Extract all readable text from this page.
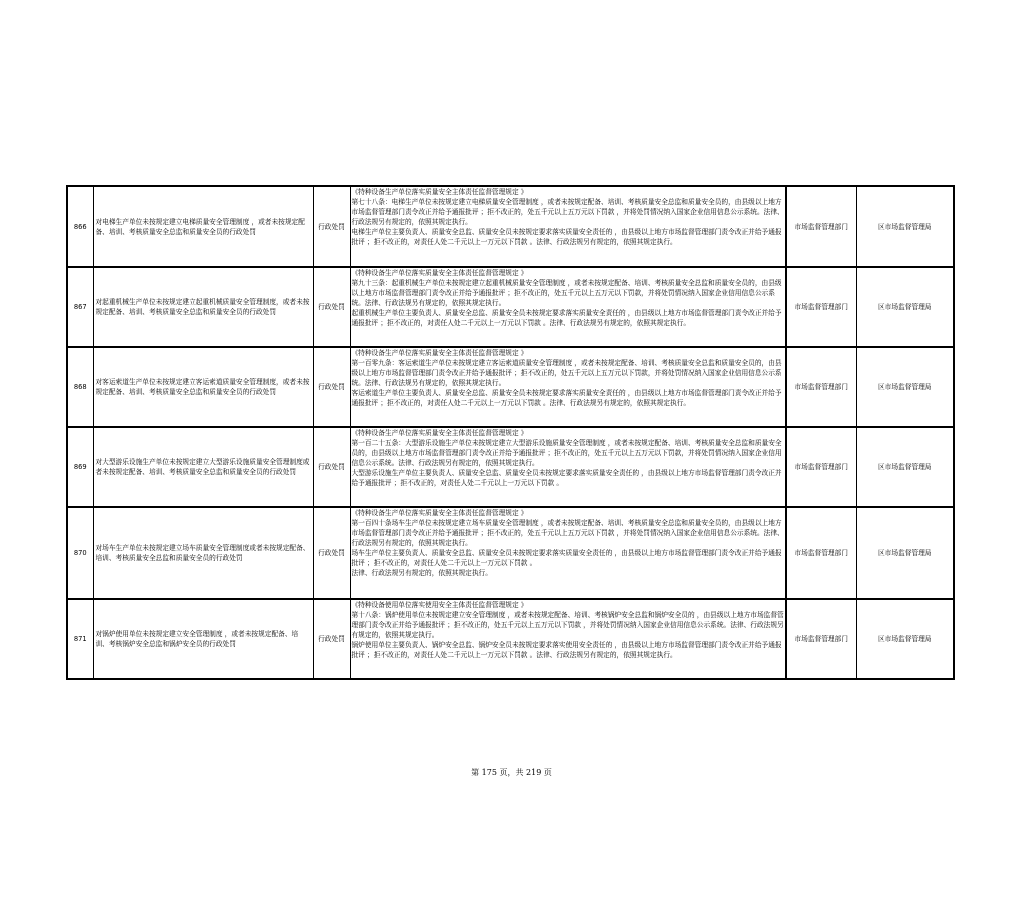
866	对电梯生产单位未按规定建立电梯质量安全管理制度 ，或者未按规定配备、培训、考核质量安全总监和质量安全员的行政处罚	行政处罚	《特种设备生产单位落实质量安全主体责任监督管理规定 》
第七十八条：电梯生产单位未按规定建立电梯质量安全管理制度 ，或者未按规定配备、培训、考核质量安全总监和质量安全员的，由县级以上地方市场监督管理部门责令改正并给予通报批评 ；拒不改正的，处五千元以上五万元以下罚款 ，并将处罚情况纳入国家企业信用信息公示系统。法律、行政法规另有规定的，依照其规定执行。
电梯生产单位主要负责人、质量安全总监、质量安全员未按规定要求落实质量安全责任的 ，由县级以上地方市场监督管理部门责令改正并给予通报批评 ；拒不改正的，对责任人处二千元以上一万元以下罚款 。法律、行政法规另有规定的，依照其规定执行。	市场监督管理部门	区市场监督管理局
867	对起重机械生产单位未按规定建立起重机械质量安全管理制度，或者未按规定配备、培训、考核质量安全总监和质量安全员的行政处罚	行政处罚	《特种设备生产单位落实质量安全主体责任监督管理规定 》
第九十三条：起重机械生产单位未按规定建立起重机械质量安全管理制度 ，或者未按规定配备、培训、考核质量安全总监和质量安全员的，由县级以上地方市场监督管理部门责令改正并给予通报批评 ；拒不改正的，处五千元以上五万元以下罚款，并将处罚情况纳入国家企业信用信息公示系统。法律、行政法规另有规定的，依照其规定执行。
起重机械生产单位主要负责人、质量安全总监、质量安全员未按规定要求落实质量安全责任的 ，由县级以上地方市场监督管理部门责令改正并给予通报批评 ；拒不改正的，对责任人处二千元以上一万元以下罚款 。法律、行政法规另有规定的，依照其规定执行。	市场监督管理部门	区市场监督管理局
868	对客运索道生产单位未按规定建立客运索道质量安全管理制度，或者未按规定配备、培训、考核质量安全总监和质量安全员的行政处罚	行政处罚	《特种设备生产单位落实质量安全主体责任监督管理规定 》
第一百零九条：客运索道生产单位未按规定建立客运索道质量安全管理制度 ，或者未按规定配备、培训、考核质量安全总监和质量安全员的，由县级以上地方市场监督管理部门责令改正并给予通报批评 ；拒不改正的，处五千元以上五万元以下罚款，并将处罚情况纳入国家企业信用信息公示系统。法律、行政法规另有规定的，依照其规定执行。
客运索道生产单位主要负责人、质量安全总监、质量安全员未按规定要求落实质量安全责任的 ，由县级以上地方市场监督管理部门责令改正并给予通报批评 ；拒不改正的，对责任人处二千元以上一万元以下罚款 。法律、行政法规另有规定的，依照其规定执行。	市场监督管理部门	区市场监督管理局
869	对大型游乐设施生产单位未按规定建立大型游乐设施质量安全管理制度或者未按规定配备、培训、考核质量安全总监和质量安全员的行政处罚	行政处罚	《特种设备生产单位落实质量安全主体责任监督管理规定 》
第一百二十五条：大型游乐设施生产单位未按规定建立大型游乐设施质量安全管理制度 ，或者未按规定配备、培训、考核质量安全总监和质量安全员的，由县级以上地方市场监督管理部门责令改正并给予通报批评 ；拒不改正的，处五千元以上五万元以下罚款，并将处罚情况纳入国家企业信用信息公示系统。法律、行政法规另有规定的，依照其规定执行。
大型游乐设施生产单位主要负责人、质量安全总监、质量安全员未按规定要求落实质量安全责任的 ，由县级以上地方市场监督管理部门责令改正并给予通报批评 ；拒不改正的，对责任人处二千元以上一万元以下罚款 。	市场监督管理部门	区市场监督管理局
870	对场车生产单位未按规定建立场车质量安全管理制度或者未按规定配备、培训、考核质量安全总监和质量安全员的行政处罚	行政处罚	《特种设备生产单位落实质量安全主体责任监督管理规定 》
第一百四十条场车生产单位未按规定建立场车质量安全管理制度 ，或者未按规定配备、培训、考核质量安全总监和质量安全员的，由县级以上地方市场监督管理部门责令改正并给予通报批评 ；拒不改正的，处五千元以上五万元以下罚款 ，并将处罚情况纳入国家企业信用信息公示系统。法律、行政法规另有规定的，依照其规定执行。
场车生产单位主要负责人、质量安全总监、质量安全员未按规定要求落实质量安全责任的 ，由县级以上地方市场监督管理部门责令改正并给予通报批评 ；拒不改正的，对责任人处二千元以上一万元以下罚款 。
法律、行政法规另有规定的，依照其规定执行。	市场监督管理部门	区市场监督管理局
871	对锅炉使用单位未按规定建立安全管理制度 ，或者未按规定配备、培训、考核锅炉安全总监和锅炉安全员的行政处罚	行政处罚	《特种设备使用单位落实使用安全主体责任监督管理规定 》
第十八条：锅炉使用单位未按规定建立安全管理制度 ，或者未按规定配备、培训、考核锅炉安全总监和锅炉安全员的 ，由县级以上地方市场监督管理部门责令改正并给予通报批评 ；拒不改正的，处五千元以上五万元以下罚款 ，并将处罚情况纳入国家企业信用信息公示系统。法律、行政法规另有规定的，依照其规定执行。
锅炉使用单位主要负责人、锅炉安全总监、锅炉安全员未按规定要求落实使用安全责任的 ，由县级以上地方市场监督管理部门责令改正并给予通报批评 ；拒不改正的，对责任人处二千元以上一万元以下罚款 。法律、行政法规另有规定的，依照其规定执行。	市场监督管理部门	区市场监督管理局
第 175 页，共 219 页
